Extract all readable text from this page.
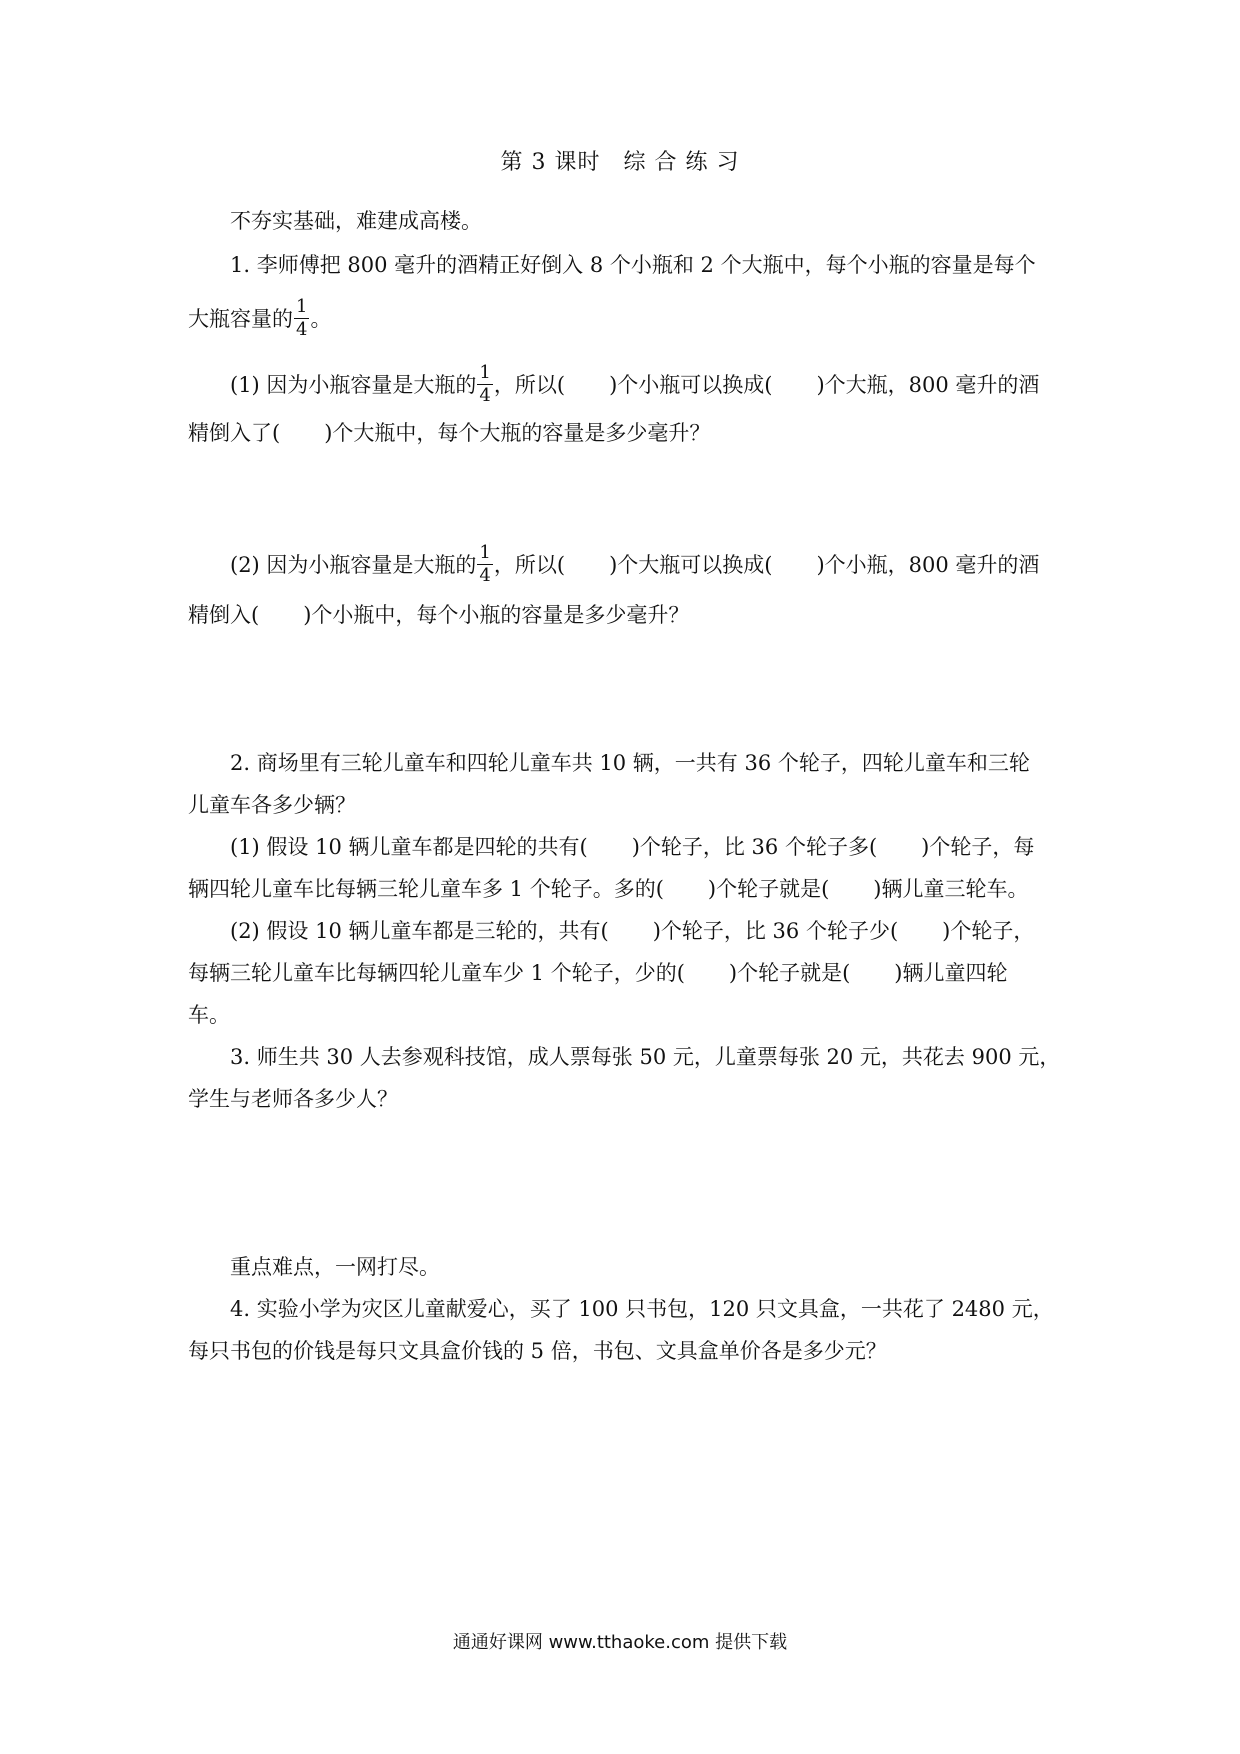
第 3 课时　综 合 练 习
不夯实基础，难建成高楼。
1. 李师傅把 800 毫升的酒精正好倒入 8 个小瓶和 2 个大瓶中，每个小瓶的容量是每个
大瓶容量的 $\frac{1}{4}$ 。
(1) 因为小瓶容量是大瓶的 $\frac{1}{4}$ ，所以( )个小瓶可以换成( )个大瓶，800 毫升的酒
精倒入了( )个大瓶中，每个大瓶的容量是多少毫升？
(2) 因为小瓶容量是大瓶的 $\frac{1}{4}$ ，所以( )个大瓶可以换成( )个小瓶，800 毫升的酒
精倒入( )个小瓶中，每个小瓶的容量是多少毫升？
2. 商场里有三轮儿童车和四轮儿童车共 10 辆，一共有 36 个轮子，四轮儿童车和三轮
儿童车各多少辆？
(1) 假设 10 辆儿童车都是四轮的共有( )个轮子，比 36 个轮子多( )个轮子，每
辆四轮儿童车比每辆三轮儿童车多 1 个轮子。多的( )个轮子就是( )辆儿童三轮车。
(2) 假设 10 辆儿童车都是三轮的，共有( )个轮子，比 36 个轮子少( )个轮子，
每辆三轮儿童车比每辆四轮儿童车少 1 个轮子，少的( )个轮子就是( )辆儿童四轮
车。
3. 师生共 30 人去参观科技馆，成人票每张 50 元，儿童票每张 20 元，共花去 900 元，
学生与老师各多少人？
重点难点，一网打尽。
4. 实验小学为灾区儿童献爱心，买了 100 只书包，120 只文具盒，一共花了 2480 元，
每只书包的价钱是每只文具盒价钱的 5 倍，书包、文具盒单价各是多少元？
通通好课网 www.tthaoke.com 提供下载
